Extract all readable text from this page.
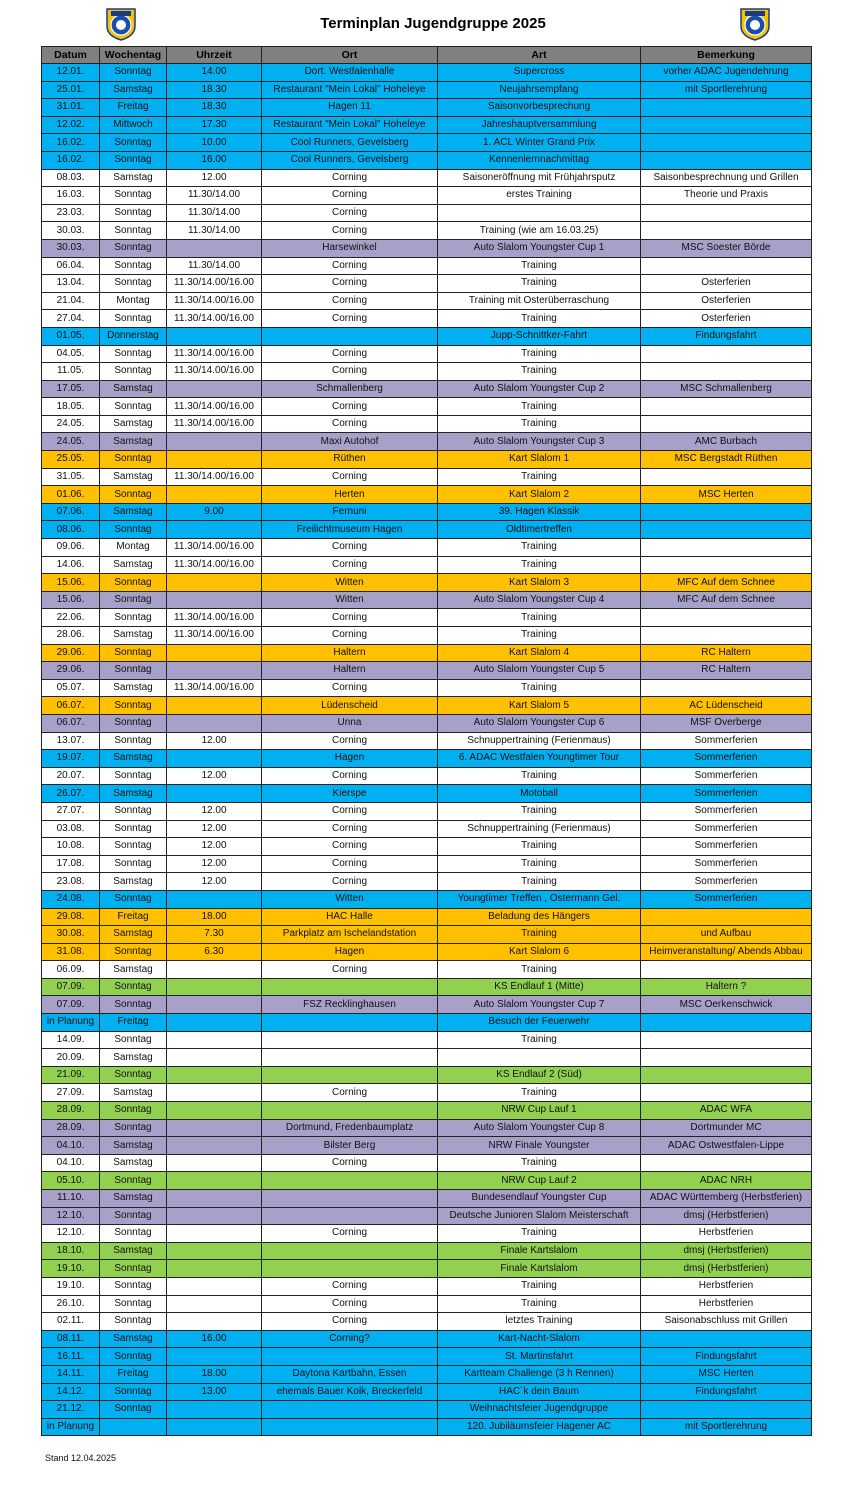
Terminplan Jugendgruppe 2025
Datum	Wochentag	Uhrzeit	Ort	Art	Bemerkung
12.01.	Sonntag	14.00	Dort. Westfalenhalle	Supercross	vorher ADAC Jugendehrung
25.01.	Samstag	18.30	Restaurant "Mein Lokal" Hoheleye	Neujahrsempfang	mit Sportlerehrung
31.01.	Freitag	18.30	Hagen 11	Saisonvorbesprechung	
12.02.	Mittwoch	17.30	Restaurant "Mein Lokal" Hoheleye	Jahreshauptversammlung	
16.02.	Sonntag	10.00	Cool Runners, Gevelsberg	1. ACL Winter Grand Prix	
16.02.	Sonntag	16.00	Cool Runners, Gevelsberg	Kennenlernnachmittag	
08.03.	Samstag	12.00	Corning	Saisoneröffnung mit Frühjahrsputz	Saisonbesprechnung und Grillen
16.03.	Sonntag	11.30/14.00	Corning	erstes Training	Theorie und Praxis
23.03.	Sonntag	11.30/14.00	Corning		
30.03.	Sonntag	11.30/14.00	Corning	Training (wie am 16.03.25)	
30.03.	Sonntag		Harsewinkel	Auto Slalom Youngster Cup 1	MSC Soester Börde
06.04.	Sonntag	11.30/14.00	Corning	Training	
13.04.	Sonntag	11.30/14.00/16.00	Corning	Training	Osterferien
21.04.	Montag	11.30/14.00/16.00	Corning	Training mit Osterüberraschung	Osterferien
27.04.	Sonntag	11.30/14.00/16.00	Corning	Training	Osterferien
01.05.	Donnerstag			Jupp-Schnittker-Fahrt	Findungsfahrt
04.05.	Sonntag	11.30/14.00/16.00	Corning	Training	
11.05.	Sonntag	11.30/14.00/16.00	Corning	Training	
17.05.	Samstag		Schmallenberg	Auto Slalom Youngster Cup 2	MSC Schmallenberg
18.05.	Sonntag	11.30/14.00/16.00	Corning	Training	
24.05.	Samstag	11.30/14.00/16.00	Corning	Training	
24.05.	Samstag		Maxi Autohof	Auto Slalom Youngster Cup 3	AMC Burbach
25.05.	Sonntag		Rüthen	Kart Slalom 1	MSC Bergstadt Rüthen
31.05.	Samstag	11.30/14.00/16.00	Corning	Training	
01.06.	Sonntag		Herten	Kart Slalom 2	MSC Herten
07.06.	Samstag	9.00	Fernuni	39. Hagen Klassik	
08.06.	Sonntag		Freilichtmuseum Hagen	Oldtimertreffen	
09.06.	Montag	11.30/14.00/16.00	Corning	Training	
14.06.	Samstag	11.30/14.00/16.00	Corning	Training	
15.06.	Sonntag		Witten	Kart Slalom 3	MFC Auf dem Schnee
15.06.	Sonntag		Witten	Auto Slalom Youngster Cup 4	MFC Auf dem Schnee
22.06.	Sonntag	11.30/14.00/16.00	Corning	Training	
28.06.	Samstag	11.30/14.00/16.00	Corning	Training	
29.06.	Sonntag		Haltern	Kart Slalom 4	RC Haltern
29.06.	Sonntag		Haltern	Auto Slalom Youngster Cup 5	RC Haltern
05.07.	Samstag	11.30/14.00/16.00	Corning	Training	
06.07.	Sonntag		Lüdenscheid	Kart Slalom 5	AC Lüdenscheid
06.07.	Sonntag		Unna	Auto Slalom Youngster Cup 6	MSF Overberge
13.07.	Sonntag	12.00	Corning	Schnuppertraining (Ferienmaus)	Sommerferien
19.07.	Samstag		Hagen	6. ADAC Westfalen Youngtimer Tour	Sommerferien
20.07.	Sonntag	12.00	Corning	Training	Sommerferien
26.07.	Samstag		Kierspe	Motoball	Sommerferien
27.07.	Sonntag	12.00	Corning	Training	Sommerferien
03.08.	Sonntag	12.00	Corning	Schnuppertraining (Ferienmaus)	Sommerferien
10.08.	Sonntag	12.00	Corning	Training	Sommerferien
17.08.	Sonntag	12.00	Corning	Training	Sommerferien
23.08.	Samstag	12.00	Corning	Training	Sommerferien
24.08.	Sonntag		Witten	Youngtimer Treffen , Ostermann Gel.	Sommerferien
29.08.	Freitag	18.00	HAC Halle	Beladung des Hängers	
30.08.	Samstag	7.30	Parkplatz am Ischelandstation	Training	und Aufbau
31.08.	Sonntag	6.30	Hagen	Kart Slalom 6	Heimveranstaltung/ Abends Abbau
06.09.	Samstag		Corning	Training	
07.09.	Sonntag			KS Endlauf 1 (Mitte)	Haltern ?
07.09.	Sonntag		FSZ Recklinghausen	Auto Slalom Youngster Cup 7	MSC Oerkenschwick
in Planung	Freitag			Besuch der Feuerwehr	
14.09.	Sonntag			Training	
20.09.	Samstag				
21.09.	Sonntag			KS Endlauf 2 (Süd)	
27.09.	Samstag		Corning	Training	
28.09.	Sonntag			NRW Cup Lauf 1	ADAC WFA
28.09.	Sonntag		Dortmund, Fredenbaumplatz	Auto Slalom Youngster Cup 8	Dortmunder MC
04.10.	Samstag		Bilster Berg	NRW Finale Youngster	ADAC Ostwestfalen-Lippe
04.10.	Samstag		Corning	Training	
05.10.	Sonntag			NRW Cup Lauf 2	ADAC NRH
11.10.	Samstag			Bundesendlauf Youngster Cup	ADAC Württemberg (Herbstferien)
12.10.	Sonntag			Deutsche Junioren Slalom Meisterschaft	dmsj (Herbstferien)
12.10.	Sonntag		Corning	Training	Herbstferien
18.10.	Samstag			Finale Kartslalom	dmsj (Herbstferien)
19.10.	Sonntag			Finale Kartslalom	dmsj (Herbstferien)
19.10.	Sonntag		Corning	Training	Herbstferien
26.10.	Sonntag		Corning	Training	Herbstferien
02.11.	Sonntag		Corning	letztes Training	Saisonabschluss mit Grillen
08.11.	Samstag	16.00	Corning?	Kart-Nacht-Slalom	
16.11.	Sonntag			St. Martinsfahrt	Findungsfahrt
14.11.	Freitag	18.00	Daytona Kartbahn, Essen	Kartteam Challenge (3 h Rennen)	MSC Herten
14.12.	Sonntag	13.00	ehemals Bauer Kolk, Breckerfeld	HAC´k dein Baum	Findungsfahrt
21.12.	Sonntag			Weihnachtsfeier Jugendgruppe	
in Planung				120. Jubiläumsfeier Hagener AC	mit Sportlerehrung
Stand 12.04.2025
